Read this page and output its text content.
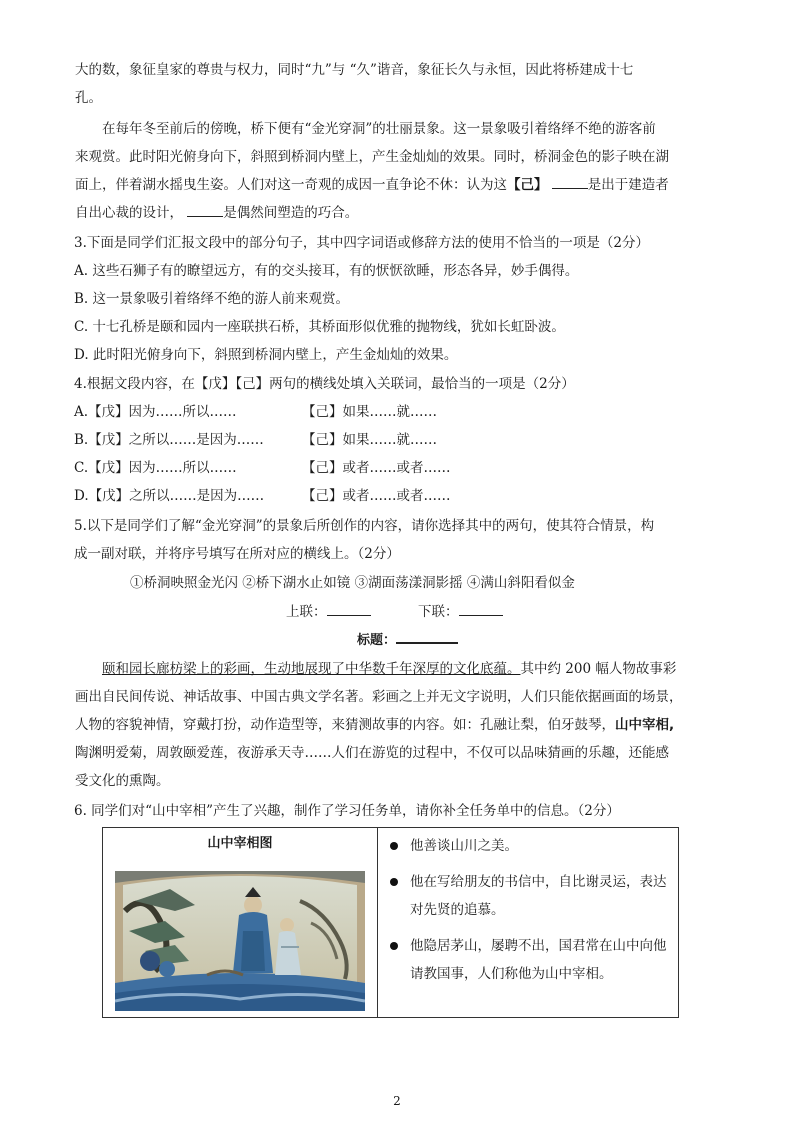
大的数，象征皇家的尊贵与权力，同时“九”与 “久”谐音，象征长久与永恒，因此将桥建成十七
孔。
在每年冬至前后的傍晚，桥下便有“金光穿洞”的壮丽景象。这一景象吸引着络绎不绝的游客前
来观赏。此时阳光俯身向下，斜照到桥洞内壁上，产生金灿灿的效果。同时，桥洞金色的影子映在湖
面上，伴着湖水摇曳生姿。人们对这一奇观的成因一直争论不休：认为这【己】	是出于建造者
自出心裁的设计，	是偶然间塑造的巧合。
3.下面是同学们汇报文段中的部分句子，其中四字词语或修辞方法的使用不恰当的一项是（2分）
A. 这些石狮子有的瞭望远方，有的交头接耳，有的恹恹欲睡，形态各异，妙手偶得。
B. 这一景象吸引着络绎不绝的游人前来观赏。
C. 十七孔桥是颐和园内一座联拱石桥，其桥面形似优雅的抛物线，犹如长虹卧波。
D. 此时阳光俯身向下，斜照到桥洞内壁上，产生金灿灿的效果。
4.根据文段内容，在【戊】【己】两句的横线处填入关联词，最恰当的一项是（2分）
A.【戊】因为……所以……	【己】如果……就……
B.【戊】之所以……是因为……	【己】如果……就……
C.【戊】因为……所以……	【己】或者……或者……
D.【戊】之所以……是因为……	【己】或者……或者……
5.以下是同学们了解“金光穿洞”的景象后所创作的内容，请你选择其中的两句，使其符合情景，构
成一副对联，并将序号填写在所对应的横线上。（2分）
①桥洞映照金光闪 ②桥下湖水止如镜 ③湖面荡漾洞影摇 ④满山斜阳看似金
上联：	下联：
标题：
颐和园长廊枋梁上的彩画，生动地展现了中华数千年深厚的文化底蕴。其中约 200 幅人物故事彩
画出自民间传说、神话故事、中国古典文学名著。彩画之上并无文字说明，人们只能依据画面的场景，
人物的容貌神情，穿戴打扮，动作造型等，来猜测故事的内容。如：孔融让梨，伯牙鼓琴，山中宰相,
陶渊明爱菊，周敦颐爱莲，夜游承天寺……人们在游览的过程中，不仅可以品味猜画的乐趣，还能感
受文化的熏陶。
6. 同学们对“山中宰相”产生了兴趣，制作了学习任务单，请你补全任务单中的信息。（2分）
山中宰相图	他善谈山川之美。
他在写给朋友的书信中，自比谢灵运，表达对先贤的追慕。
他隐居茅山，屡聘不出，国君常在山中向他请教国事，人们称他为山中宰相。
2
